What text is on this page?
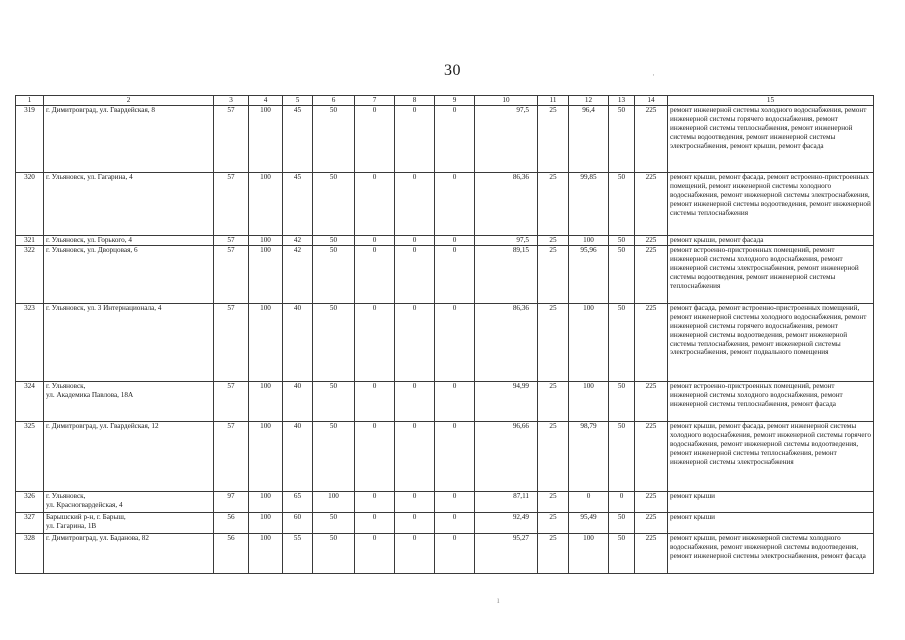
30
1	2	3	4	5	6	7	8	9	10	11	12	13	14	15
319	г. Димитровград, ул. Гвардейская, 8	57	100	45	50	0	0	0	97,5	25	96,4	50	225	ремонт инженерной системы холодного водоснабжения, ремонт инженерной системы горячего водоснабжения, ремонт инженерной системы теплоснабжения, ремонт инженерной системы водоотведения, ремонт инженерной системы электроснабжения, ремонт крыши, ремонт фасада
320	г. Ульяновск, ул. Гагарина, 4	57	100	45	50	0	0	0	86,36	25	99,85	50	225	ремонт крыши, ремонт фасада, ремонт встроенно-пристроенных помещений, ремонт инженерной системы холодного водоснабжения, ремонт инженерной системы электроснабжения, ремонт инженерной системы водоотведения, ремонт инженерной системы теплоснабжения
321	г. Ульяновск, ул. Горького, 4	57	100	42	50	0	0	0	97,5	25	100	50	225	ремонт крыши, ремонт фасада
322	г. Ульяновск, ул. Дворцовая, 6	57	100	42	50	0	0	0	89,15	25	95,96	50	225	ремонт встроенно-пристроенных помещений, ремонт инженерной системы холодного водоснабжения, ремонт инженерной системы электроснабжения, ремонт инженерной системы водоотведения, ремонт инженерной системы теплоснабжения
323	г. Ульяновск, ул. 3 Интернационала, 4	57	100	40	50	0	0	0	86,36	25	100	50	225	ремонт фасада, ремонт встроенно-пристроенных помещений, ремонт инженерной системы холодного водоснабжения, ремонт инженерной системы горячего водоснабжения, ремонт инженерной системы водоотведения, ремонт инженерной системы теплоснабжения, ремонт инженерной системы электроснабжения, ремонт подвального помещения
324	г. Ульяновск,
ул. Академика Павлова, 18А	57	100	40	50	0	0	0	94,99	25	100	50	225	ремонт встроенно-пристроенных помещений, ремонт инженерной системы холодного водоснабжения, ремонт инженерной системы теплоснабжения, ремонт фасада
325	г. Димитровград, ул. Гвардейская, 12	57	100	40	50	0	0	0	96,66	25	98,79	50	225	ремонт крыши, ремонт фасада, ремонт инженерной системы холодного водоснабжения, ремонт инженерной системы горячего водоснабжения, ремонт инженерной системы водоотведения, ремонт инженерной системы теплоснабжения, ремонт инженерной системы электроснабжения
326	г. Ульяновск,
ул. Красногвардейская, 4	97	100	65	100	0	0	0	87,11	25	0	0	225	ремонт крыши
327	Барышский р-н, г. Барыш,
ул. Гагарина, 1В	56	100	60	50	0	0	0	92,49	25	95,49	50	225	ремонт крыши
328	г. Димитровград, ул. Баданова, 82	56	100	55	50	0	0	0	95,27	25	100	50	225	ремонт крыши, ремонт инженерной системы холодного водоснабжения, ремонт инженерной системы водоотведения, ремонт инженерной системы электроснабжения, ремонт фасада
·
ı
